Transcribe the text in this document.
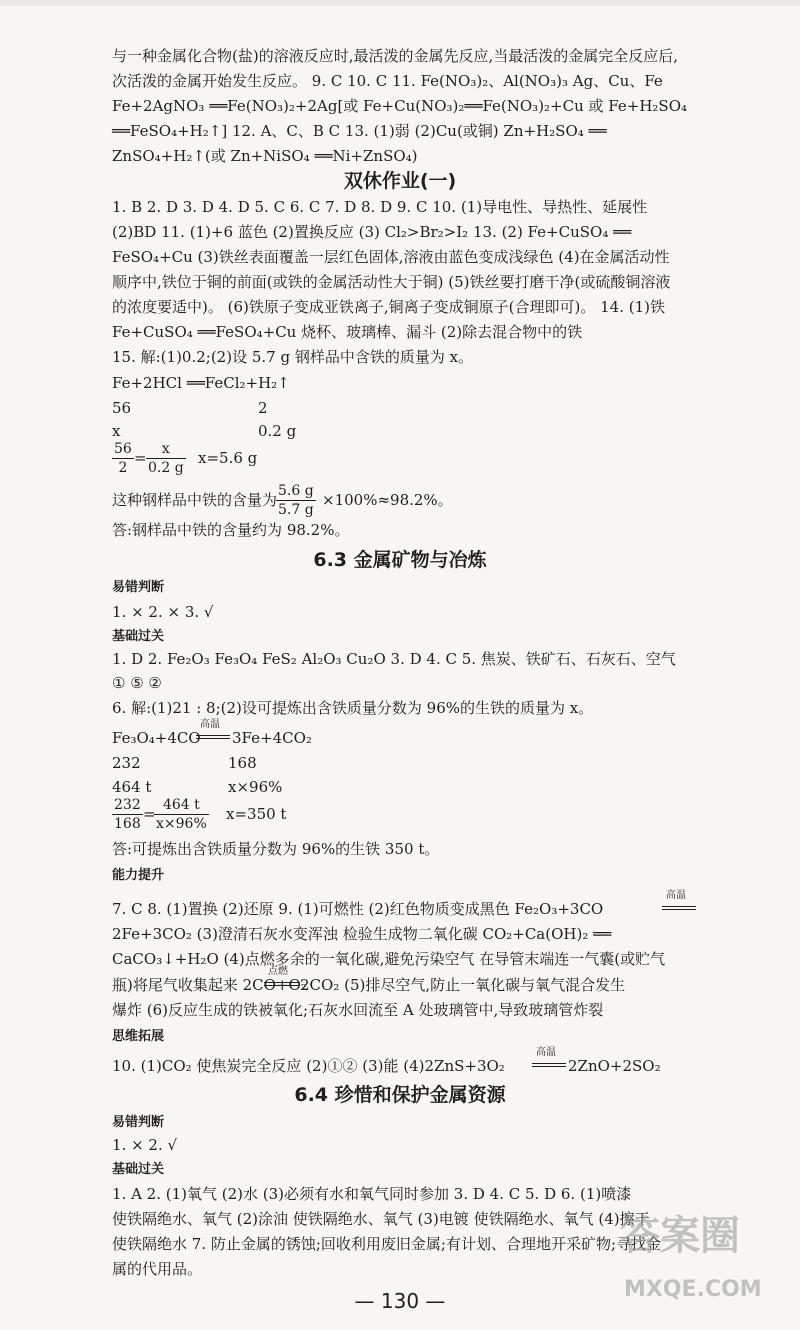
与一种金属化合物(盐)的溶液反应时,最活泼的金属先反应,当最活泼的金属完全反应后,
次活泼的金属开始发生反应。 9. C 10. C 11. Fe(NO₃)₂、Al(NO₃)₃ Ag、Cu、Fe
Fe+2AgNO₃ ══Fe(NO₃)₂+2Ag[或 Fe+Cu(NO₃)₂══Fe(NO₃)₂+Cu 或 Fe+H₂SO₄
══FeSO₄+H₂↑] 12. A、C、B C 13. (1)弱 (2)Cu(或铜) Zn+H₂SO₄ ══
ZnSO₄+H₂↑(或 Zn+NiSO₄ ══Ni+ZnSO₄)
双休作业(一)
1. B 2. D 3. D 4. D 5. C 6. C 7. D 8. D 9. C 10. (1)导电性、导热性、延展性
(2)BD 11. (1)+6 蓝色 (2)置换反应 (3) Cl₂>Br₂>I₂ 13. (2) Fe+CuSO₄ ══
FeSO₄+Cu (3)铁丝表面覆盖一层红色固体,溶液由蓝色变成浅绿色 (4)在金属活动性
顺序中,铁位于铜的前面(或铁的金属活动性大于铜) (5)铁丝要打磨干净(或硫酸铜溶液
的浓度要适中)。 (6)铁原子变成亚铁离子,铜离子变成铜原子(合理即可)。 14. (1)铁
Fe+CuSO₄ ══FeSO₄+Cu 烧杯、玻璃棒、漏斗 (2)除去混合物中的铁
15. 解:(1)0.2;(2)设 5.7 g 钢样品中含铁的质量为 x。
Fe+2HCl ══FeCl₂+H₂↑
56	2
x	0.2 g
$\frac{56}{2} = \frac{x}{0.2 g} x=5.6$ g
这种钢样品中铁的含量为
$\frac{5.6 g}{5.7 g} \times 100\%\approx 98.2\%$。
答:钢样品中铁的含量约为 98.2%。
6.3 金属矿物与冶炼
易错判断
1. × 2. × 3. √
基础过关
1. D 2. Fe₂O₃ Fe₃O₄ FeS₂ Al₂O₃ Cu₂O 3. D 4. C 5. 焦炭、铁矿石、石灰石、空气
① ⑤ ②
6. 解:(1)21 : 8;(2)设可提炼出含铁质量分数为 96%的生铁的质量为 x。
Fe₃O₄+4CO
高温
3Fe+4CO₂
232	168
464 t	x×96%
$\frac{232}{168}$ =
$\frac{464 t}{x\times 96\%} x=350$ t
答:可提炼出含铁质量分数为 96%的生铁 350 t。
能力提升
7. C 8. (1)置换 (2)还原 9. (1)可燃性 (2)红色物质变成黑色 Fe₂O₃+3CO
高温
2Fe+3CO₂ (3)澄清石灰水变浑浊 检验生成物二氧化碳 CO₂+Ca(OH)₂ ══
CaCO₃↓+H₂O (4)点燃多余的一氧化碳,避免污染空气 在导管末端连一气囊(或贮气
瓶)将尾气收集起来 2CO+O₂
点燃
2CO₂ (5)排尽空气,防止一氧化碳与氧气混合发生
爆炸 (6)反应生成的铁被氧化;石灰水回流至 A 处玻璃管中,导致玻璃管炸裂
思维拓展
10. (1)CO₂ 使焦炭完全反应 (2)①② (3)能 (4)2ZnS+3O₂
高温
2ZnO+2SO₂
6.4 珍惜和保护金属资源
易错判断
1. × 2. √
基础过关
1. A 2. (1)氧气 (2)水 (3)必须有水和氧气同时参加 3. D 4. C 5. D 6. (1)喷漆
使铁隔绝水、氧气 (2)涂油 使铁隔绝水、氧气 (3)电镀 使铁隔绝水、氧气 (4)擦干
使铁隔绝水 7. 防止金属的锈蚀;回收利用废旧金属;有计划、合理地开采矿物;寻找金
属的代用品。
— 130 —
答案圈
MXQE.COM
